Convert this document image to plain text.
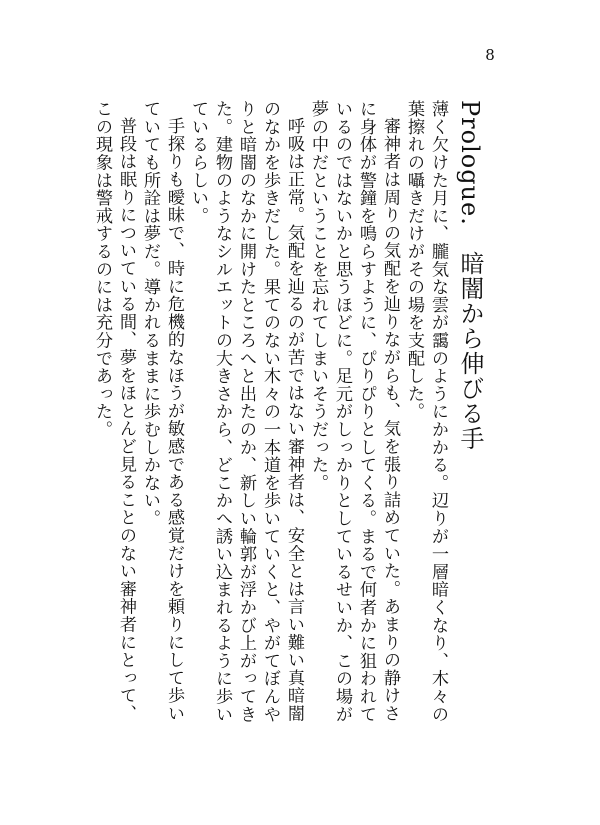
8
Prologue.　暗闇から伸びる手

薄く欠けた月に、朧気な雲が靄のようにかかる。辺りが一層暗くなり、木々の葉擦れの囁きだけがその場を支配した。

審神者は周りの気配を辿りながらも、気を張り詰めていた。あまりの静けさに身体が警鐘を鳴らすように、ぴりぴりとしてくる。まるで何者かに狙われているのではないかと思うほどに。足元がしっかりとしているせいか、この場が夢の中だということを忘れてしまいそうだった。

呼吸は正常。気配を辿るのが苦ではない審神者は、安全とは言い難い真暗闇のなかを歩きだした。果てのない木々の一本道を歩いていくと、やがてぼんやりと暗闇のなかに開けたところへと出たのか、新しい輪郭が浮かび上がってきた。建物のようなシルエットの大きさから、どこかへ誘い込まれるように歩いているらしい。

手探りも曖昧で、時に危機的なほうが敏感である感覚だけを頼りにして歩いていても所詮は夢だ。導かれるままに歩むしかない。

普段は眠りについている間、夢をほとんど見ることのない審神者にとって、この現象は警戒するのには充分であった。
